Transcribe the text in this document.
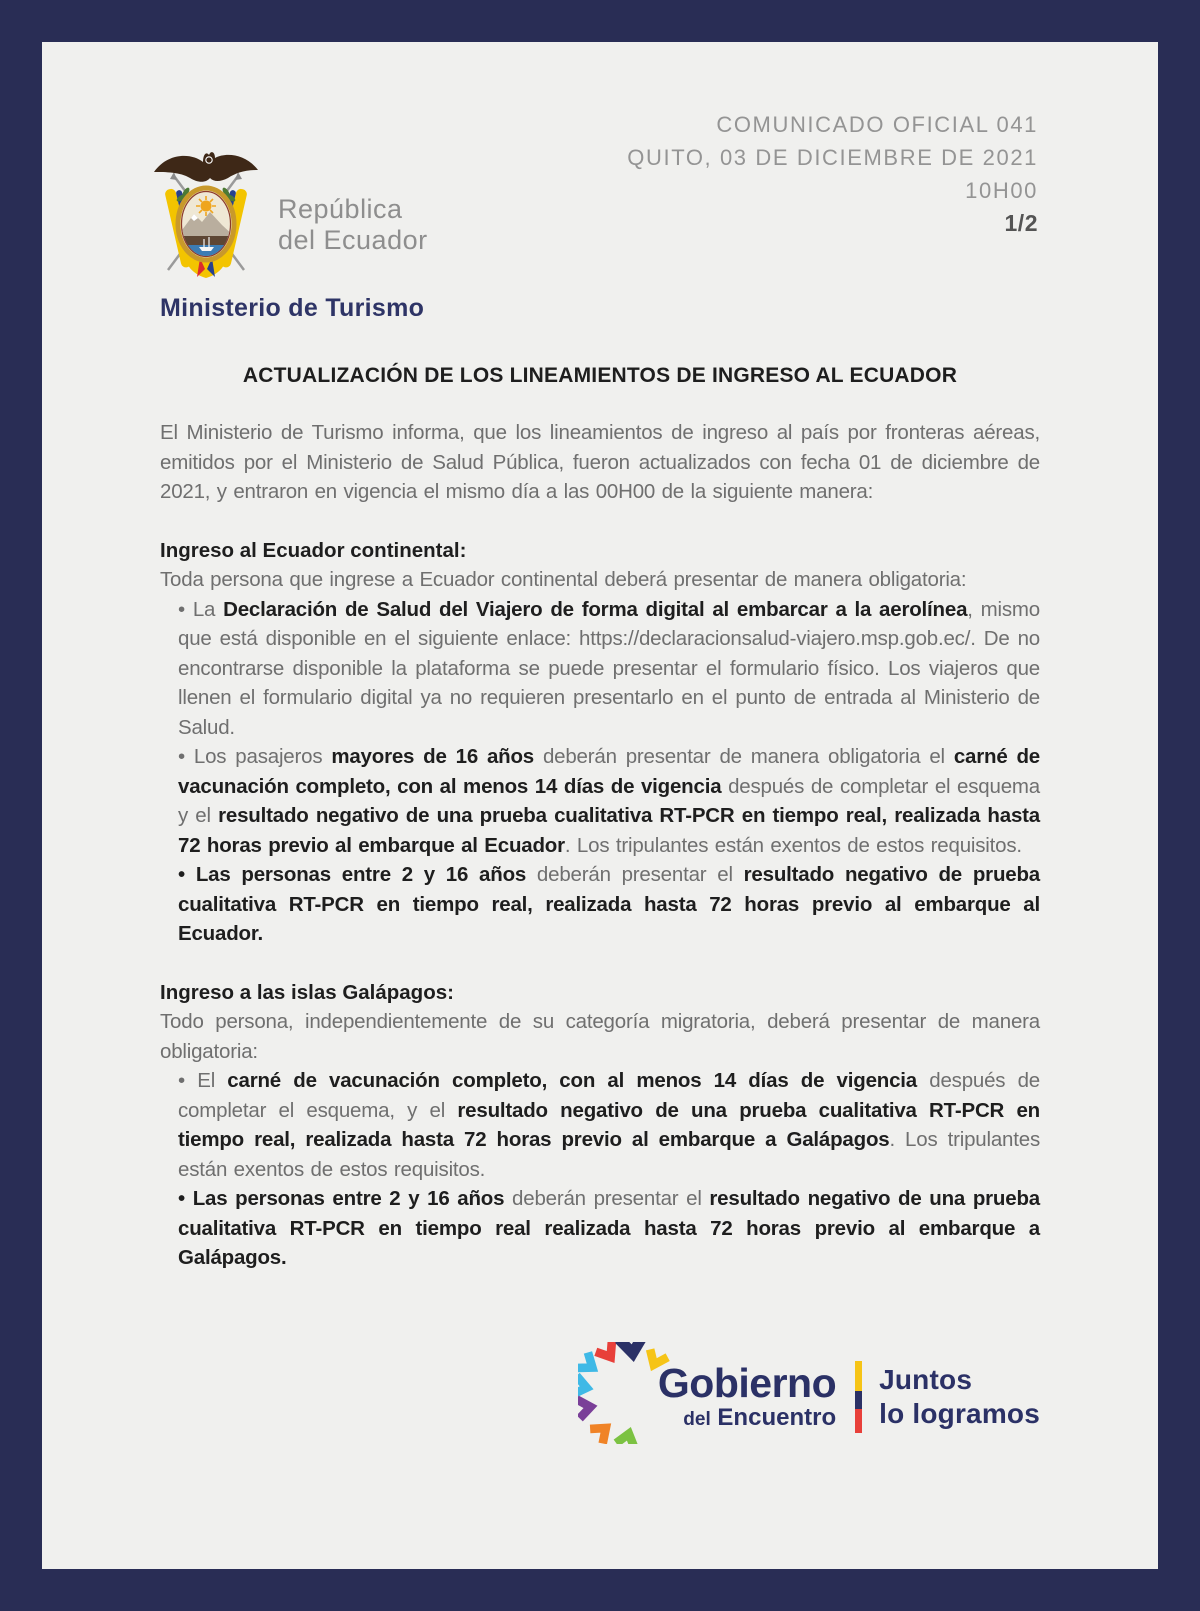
COMUNICADO OFICIAL 041
QUITO, 03 DE DICIEMBRE DE 2021
10H00
1/2
República
del Ecuador
Ministerio de Turismo
ACTUALIZACIÓN DE LOS LINEAMIENTOS DE INGRESO AL ECUADOR

El Ministerio de Turismo informa, que los lineamientos de ingreso al país por fronteras aéreas, emitidos por el Ministerio de Salud Pública, fueron actualizados con fecha 01 de diciembre de 2021, y entraron en vigencia el mismo día a las 00H00 de la siguiente manera:

Ingreso al Ecuador continental:

Toda persona que ingrese a Ecuador continental deberá presentar de manera obligatoria:

• La Declaración de Salud del Viajero de forma digital al embarcar a la aerolínea, mismo que está disponible en el siguiente enlace: https://declaracionsalud-viajero.msp.gob.ec/. De no encontrarse disponible la plataforma se puede presentar el formulario físico. Los viajeros que llenen el formulario digital ya no requieren presentarlo en el punto de entrada al Ministerio de Salud.
• Los pasajeros mayores de 16 años deberán presentar de manera obligatoria el carné de vacunación completo, con al menos 14 días de vigencia después de completar el esquema y el resultado negativo de una prueba cualitativa RT-PCR en tiempo real, realizada hasta 72 horas previo al embarque al Ecuador. Los tripulantes están exentos de estos requisitos.
• Las personas entre 2 y 16 años deberán presentar el resultado negativo de prueba cualitativa RT-PCR en tiempo real, realizada hasta 72 horas previo al embarque al Ecuador.

Ingreso a las islas Galápagos:

Todo persona, independientemente de su categoría migratoria, deberá presentar de manera obligatoria:

• El carné de vacunación completo, con al menos 14 días de vigencia después de completar el esquema, y el resultado negativo de una prueba cualitativa RT-PCR en tiempo real, realizada hasta 72 horas previo al embarque a Galápagos. Los tripulantes están exentos de estos requisitos.
• Las personas entre 2 y 16 años deberán presentar el resultado negativo de una prueba cualitativa RT-PCR en tiempo real realizada hasta 72 horas previo al embarque a Galápagos.
Gobierno
del Encuentro
Juntos
lo logramos
